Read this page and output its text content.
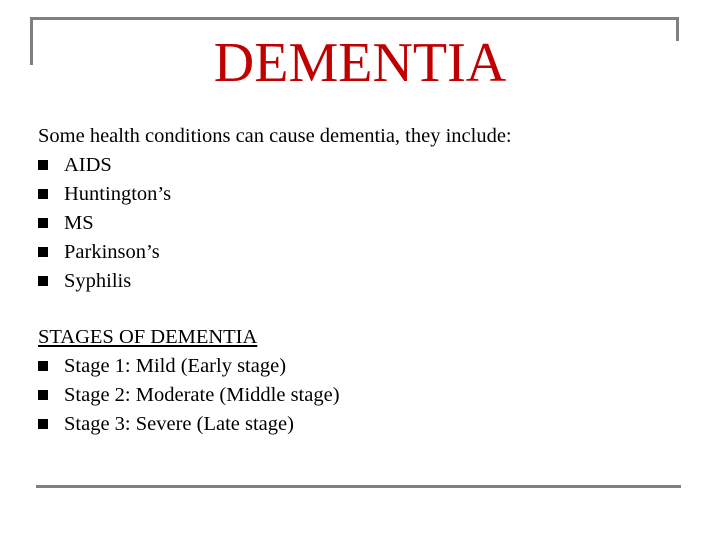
DEMENTIA
Some health conditions can cause dementia, they include:
AIDS
Huntington’s
MS
Parkinson’s
Syphilis
STAGES OF DEMENTIA
Stage 1: Mild (Early stage)
Stage 2: Moderate (Middle stage)
Stage 3: Severe (Late stage)
